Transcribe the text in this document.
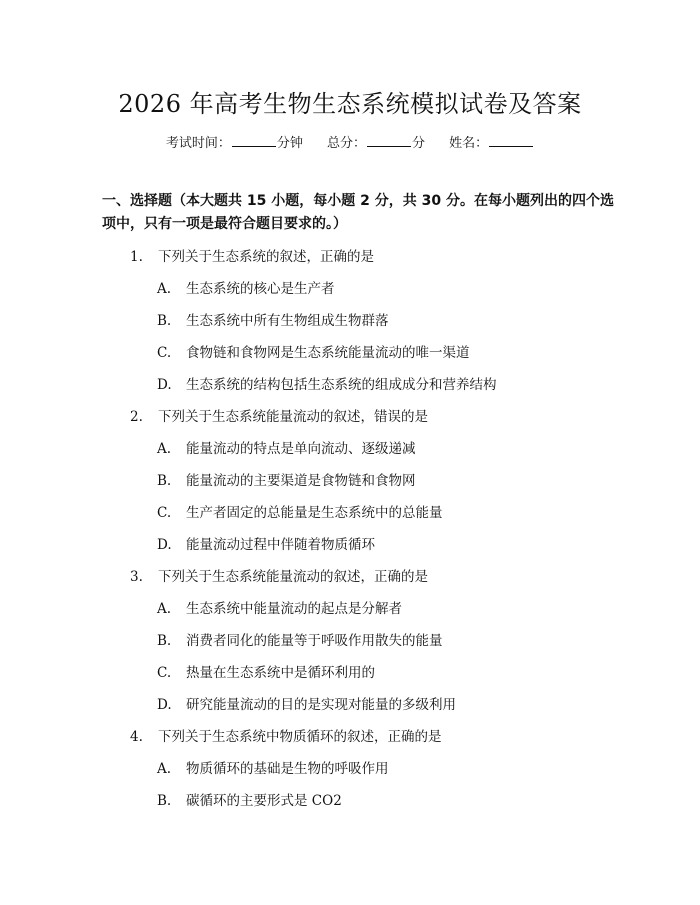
2026 年高考生物生态系统模拟试卷及答案
考试时间：	分钟 总分：	分 姓名：
一、选择题（本大题共 15 小题，每小题 2 分，共 30 分。在每小题列出的四个选项中，只有一项是最符合题目要求的。）
1. 下列关于生态系统的叙述，正确的是
A. 生态系统的核心是生产者
B. 生态系统中所有生物组成生物群落
C. 食物链和食物网是生态系统能量流动的唯一渠道
D. 生态系统的结构包括生态系统的组成成分和营养结构
2. 下列关于生态系统能量流动的叙述，错误的是
A. 能量流动的特点是单向流动、逐级递减
B. 能量流动的主要渠道是食物链和食物网
C. 生产者固定的总能量是生态系统中的总能量
D. 能量流动过程中伴随着物质循环
3. 下列关于生态系统能量流动的叙述，正确的是
A. 生态系统中能量流动的起点是分解者
B. 消费者同化的能量等于呼吸作用散失的能量
C. 热量在生态系统中是循环利用的
D. 研究能量流动的目的是实现对能量的多级利用
4. 下列关于生态系统中物质循环的叙述，正确的是
A. 物质循环的基础是生物的呼吸作用
B. 碳循环的主要形式是 CO2
